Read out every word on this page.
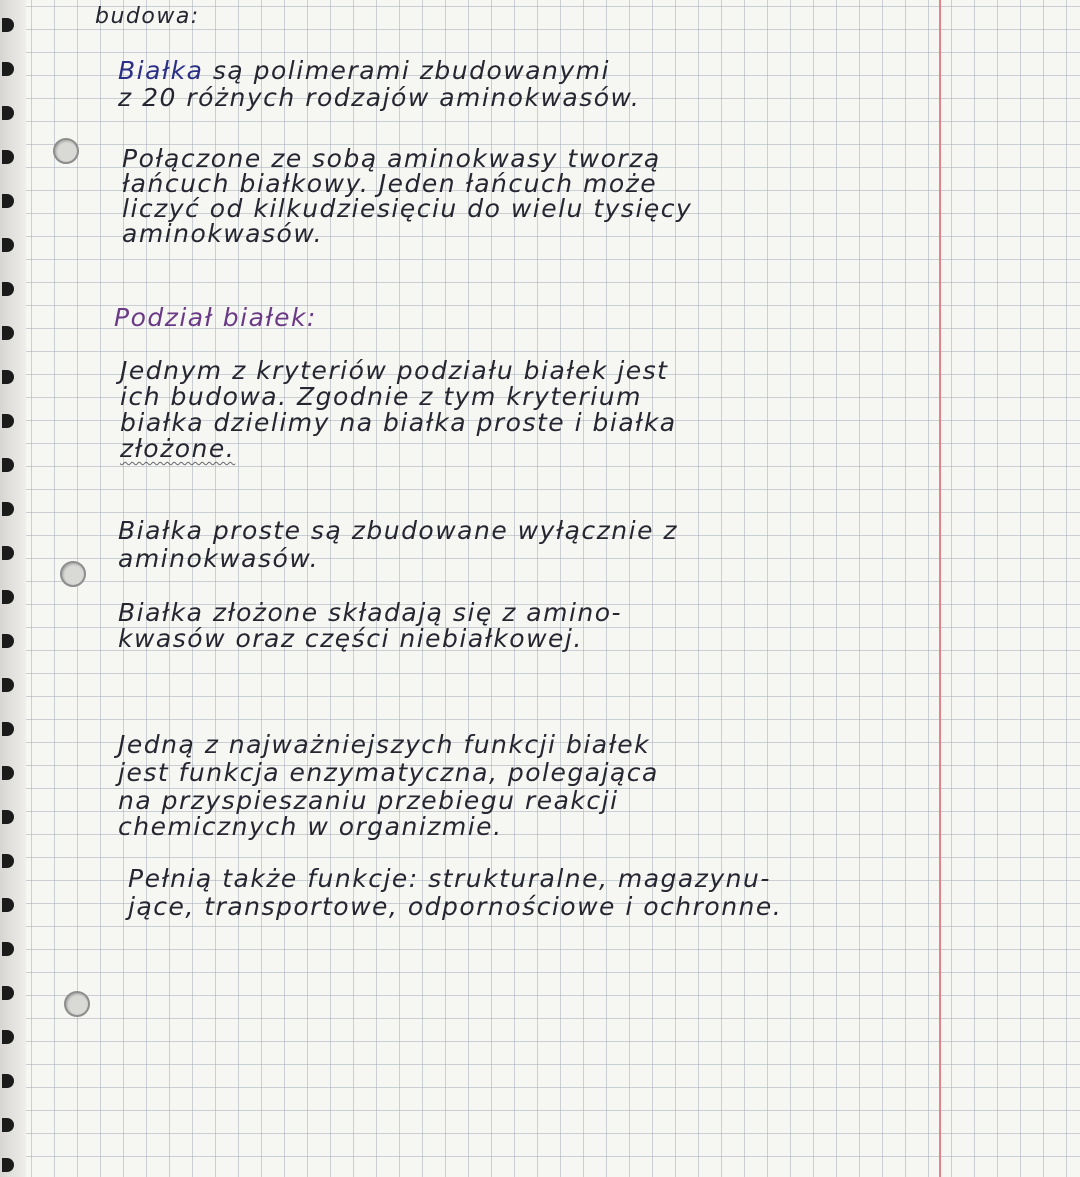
budowa:

Białka są polimerami zbudowanymi

z 20 różnych rodzajów aminokwasów.

Połączone ze sobą aminokwasy tworzą

łańcuch białkowy. Jeden łańcuch może

liczyć od kilkudziesięciu do wielu tysięcy

aminokwasów.

Podział białek:

Jednym z kryteriów podziału białek jest

ich budowa. Zgodnie z tym kryterium

białka dzielimy na białka proste i białka

złożone.

Białka proste są zbudowane wyłącznie z

aminokwasów.

Białka złożone składają się z amino-

kwasów oraz części niebiałkowej.

Jedną z najważniejszych funkcji białek

jest funkcja enzymatyczna, polegająca

na przyspieszaniu przebiegu reakcji

chemicznych w organizmie.

Pełnią także funkcje: strukturalne, magazynu-

jące, transportowe, odpornościowe i ochronne.
